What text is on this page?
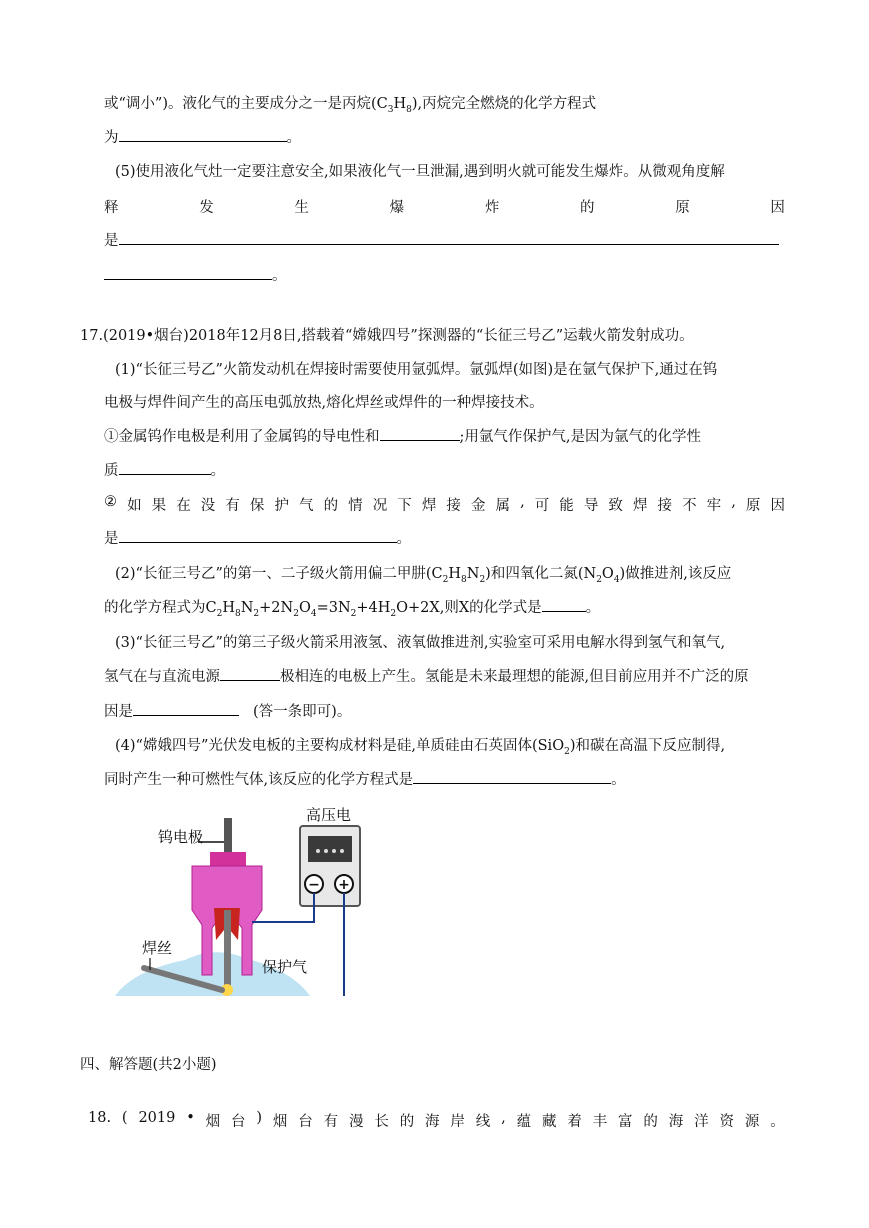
或“调小”)。液化气的主要成分之一是丙烷$(C_3H_8)$,丙烷完全燃烧的化学方程式
为	。
(5)使用液化气灶一定要注意安全,如果液化气一旦泄漏,遇到明火就可能发生爆炸。从微观角度解
释	发	生	爆	炸	的	原	因
是
。
17.(2019•烟台)2018年12月8日,搭载着“嫦娥四号”探测器的“长征三号乙”运载火箭发射成功。
(1)“长征三号乙”火箭发动机在焊接时需要使用氩弧焊。氩弧焊(如图)是在氩气保护下,通过在钨
电极与焊件间产生的高压电弧放热,熔化焊丝或焊件的一种焊接技术。
①金属钨作电极是利用了金属钨的导电性和	;用氩气作保护气,是因为氩气的化学性
质	。
② 如 果 在 没 有 保 护 气 的 情 况 下 焊 接 金 属 , 可 能 导 致 焊 接 不 牢 , 原 因
是	。
(2)“长征三号乙”的第一、二子级火箭用偏二甲肼$(C_2H_8N_2)$和四氧化二氮$(N_2O_4)$做推进剂,该反应
的化学方程式为$C_2H_8N_2+2N_2O_4=3N_2+4H_2O+2X$,则X的化学式是	。
(3)“长征三号乙”的第三子级火箭采用液氢、液氧做推进剂,实验室可采用电解水得到氢气和氧气,
氢气在与直流电源	极相连的电极上产生。氢能是未来最理想的能源,但目前应用并不广泛的原
因是	(答一条即可)。
(4)“嫦娥四号”光伏发电板的主要构成材料是硅,单质硅由石英固体(SiO$_2$)和碳在高温下反应制得,
同时产生一种可燃性气体,该反应的化学方程式是	。
钨电极
焊丝
保护气
高压电
− +
四、解答题(共2小题)
18. ( 2019 • 烟 台 ) 烟 台 有 漫 长 的 海 岸 线 , 蕴 藏 着 丰 富 的 海 洋 资 源 。
